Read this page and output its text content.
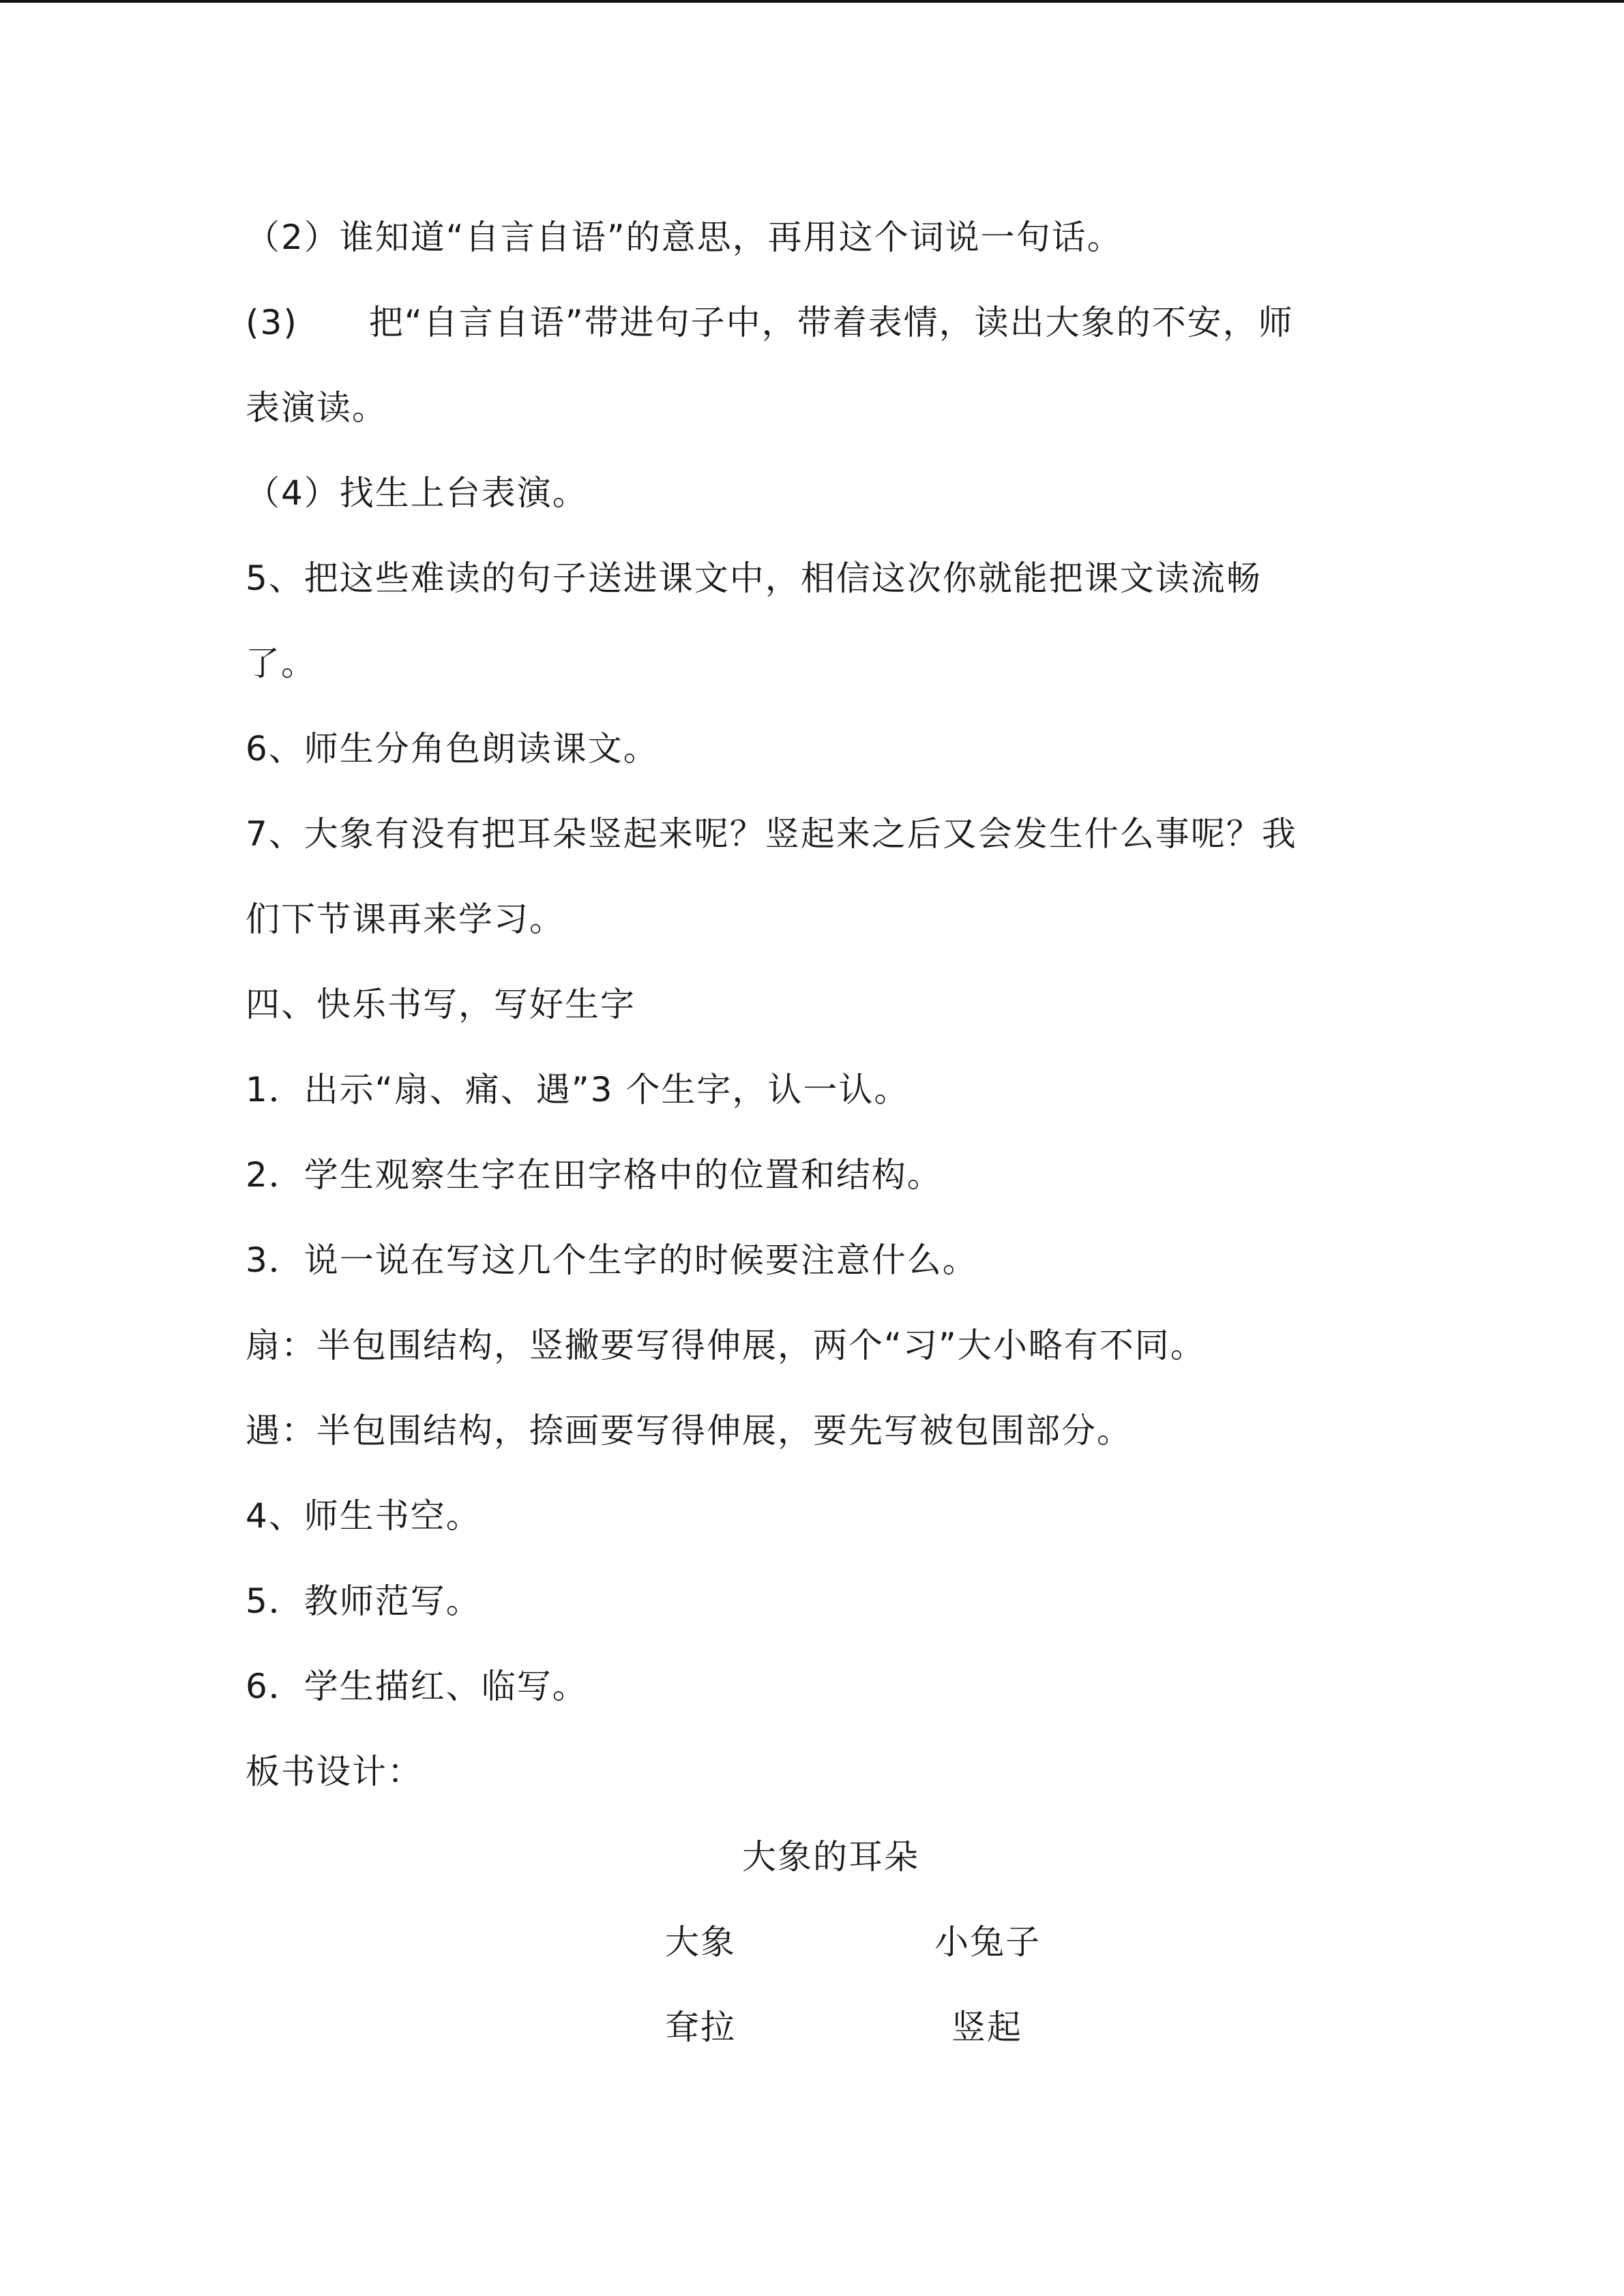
（2）谁知道“自言自语”的意思，再用这个词说一句话。
(3)　　把“自言自语”带进句子中，带着表情，读出大象的不安，师
表演读。
（4）找生上台表演。
5、把这些难读的句子送进课文中，相信这次你就能把课文读流畅
了。
6、师生分角色朗读课文。
7、大象有没有把耳朵竖起来呢？竖起来之后又会发生什么事呢？我
们下节课再来学习。
四、快乐书写，写好生字
1．出示“扇、痛、遇”3 个生字，认一认。
2．学生观察生字在田字格中的位置和结构。
3．说一说在写这几个生字的时候要注意什么。
扇：半包围结构，竖撇要写得伸展，两个“习”大小略有不同。
遇：半包围结构，捺画要写得伸展，要先写被包围部分。
4、师生书空。
5．教师范写。
6．学生描红、临写。
板书设计：
大象的耳朵
大象	小兔子
耷拉	竖起
